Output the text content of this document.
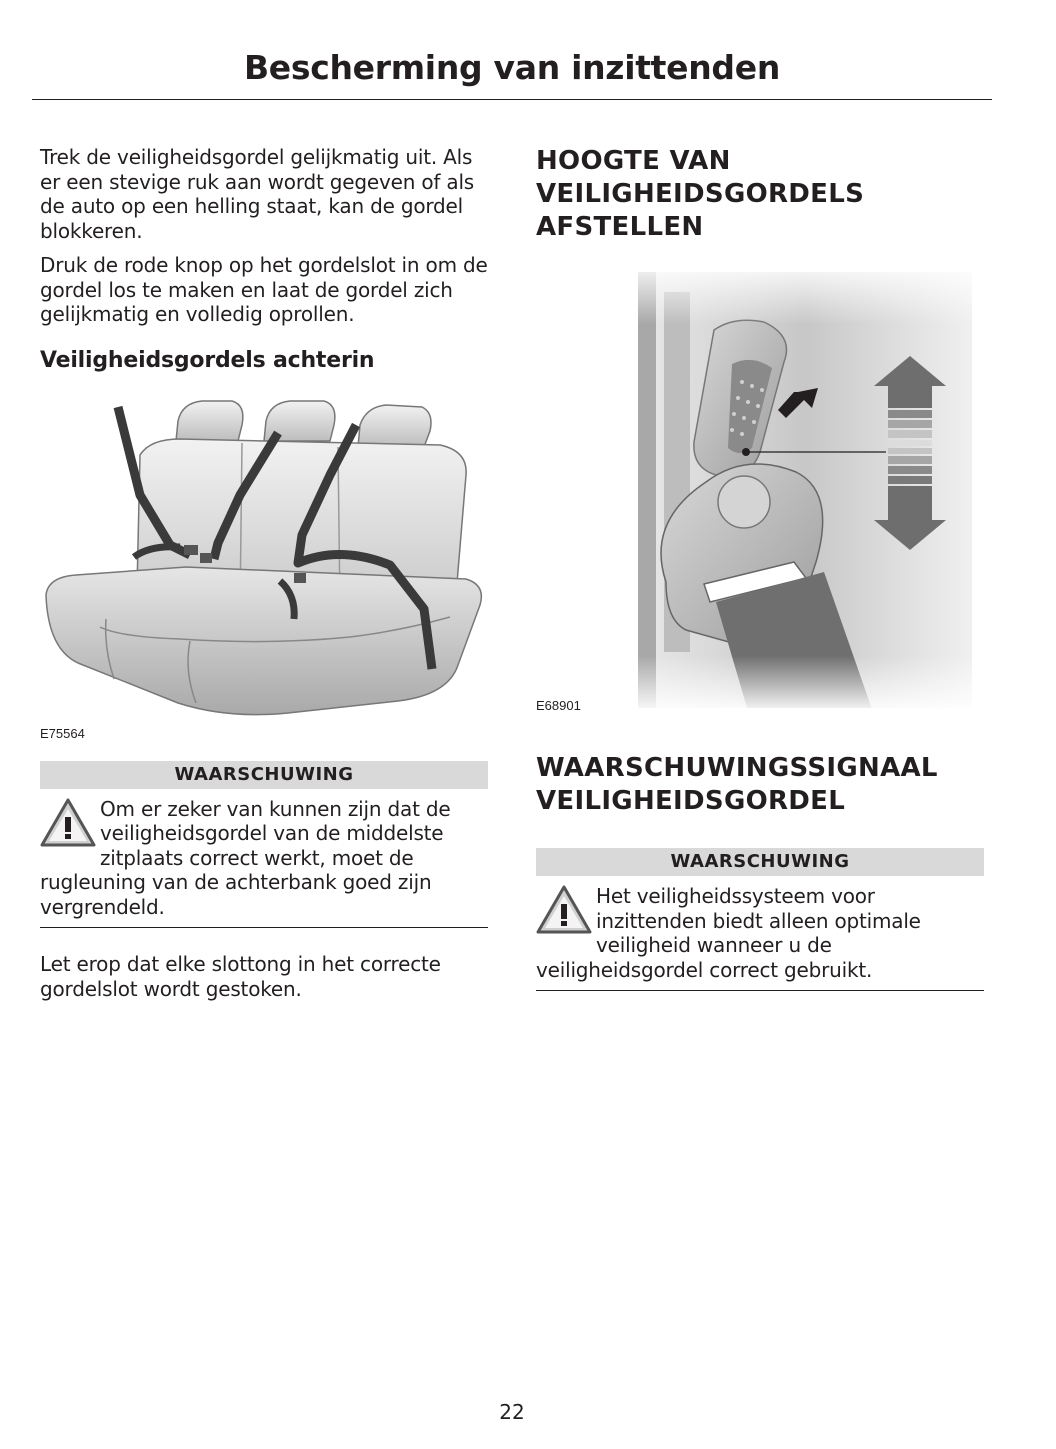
Bescherming van inzittenden

Trek de veiligheidsgordel gelijkmatig uit. Als er een stevige ruk aan wordt gegeven of als de auto op een helling staat, kan de gordel blokkeren.

Druk de rode knop op het gordelslot in om de gordel los te maken en laat de gordel zich gelijkmatig en volledig oprollen.

Veiligheidsgordels achterin

E75564

WAARSCHUWING
Om er zeker van kunnen zijn dat de veiligheidsgordel van de middelste zitplaats correct werkt, moet de rugleuning van de achterbank goed zijn vergrendeld.

Let erop dat elke slottong in het correcte gordelslot wordt gestoken.

HOOGTE VAN VEILIGHEIDSGORDELS AFSTELLEN

E68901

WAARSCHUWINGSSIGNAAL VEILIGHEIDSGORDEL
WAARSCHUWING
Het veiligheidssysteem voor inzittenden biedt alleen optimale veiligheid wanneer u de veiligheidsgordel correct gebruikt.
22
